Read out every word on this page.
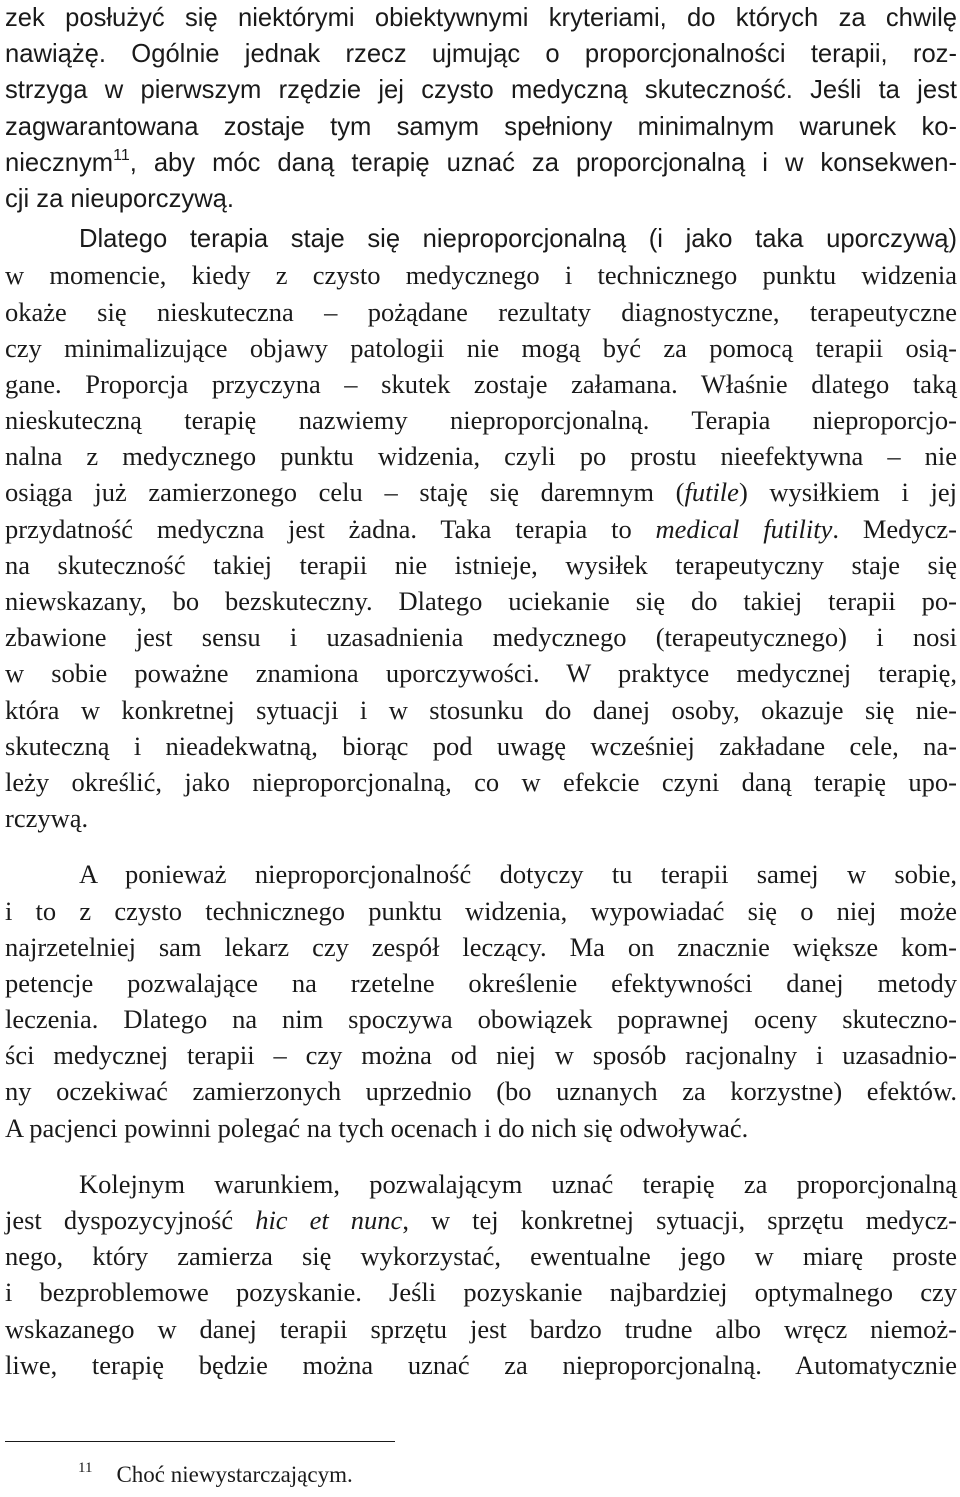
zek posłużyć się niektórymi obiektywnymi kryteriami, do których za chwilę
nawiążę. Ogólnie jednak rzecz ujmując o proporcjonalności terapii, roz-
strzyga w pierwszym rzędzie jej czysto medyczną skuteczność. Jeśli ta jest
zagwarantowana zostaje tym samym spełniony minimalnym warunek ko-
niecznym$^{11}$, aby móc daną terapię uznać za proporcjonalną i w konsekwen-
cji za nieuporczywą.
Dlatego terapia staje się nieproporcjonalną (i jako taka uporczywą)
w momencie, kiedy z czysto medycznego i technicznego punktu widzenia
okaże się nieskuteczna – pożądane rezultaty diagnostyczne, terapeutyczne
czy minimalizujące objawy patologii nie mogą być za pomocą terapii osią-
gane. Proporcja przyczyna – skutek zostaje załamana. Właśnie dlatego taką
nieskuteczną terapię nazwiemy nieproporcjonalną. Terapia nieproporcjo-
nalna z medycznego punktu widzenia, czyli po prostu nieefektywna – nie
osiąga już zamierzonego celu – staję się daremnym (futile) wysiłkiem i jej
przydatność medyczna jest żadna. Taka terapia to medical futility. Medycz-
na skuteczność takiej terapii nie istnieje, wysiłek terapeutyczny staje się
niewskazany, bo bezskuteczny. Dlatego uciekanie się do takiej terapii po-
zbawione jest sensu i uzasadnienia medycznego (terapeutycznego) i nosi
w sobie poważne znamiona uporczywości. W praktyce medycznej terapię,
która w konkretnej sytuacji i w stosunku do danej osoby, okazuje się nie-
skuteczną i nieadekwatną, biorąc pod uwagę wcześniej zakładane cele, na-
leży określić, jako nieproporcjonalną, co w efekcie czyni daną terapię upo-
rczywą.
A ponieważ nieproporcjonalność dotyczy tu terapii samej w sobie,
i to z czysto technicznego punktu widzenia, wypowiadać się o niej może
najrzetelniej sam lekarz czy zespół leczący. Ma on znacznie większe kom-
petencje pozwalające na rzetelne określenie efektywności danej metody
leczenia. Dlatego na nim spoczywa obowiązek poprawnej oceny skuteczno-
ści medycznej terapii – czy można od niej w sposób racjonalny i uzasadnio-
ny oczekiwać zamierzonych uprzednio (bo uznanych za korzystne) efektów.
A pacjenci powinni polegać na tych ocenach i do nich się odwoływać.
Kolejnym warunkiem, pozwalającym uznać terapię za proporcjonalną
jest dyspozycyjność hic et nunc, w tej konkretnej sytuacji, sprzętu medycz-
nego, który zamierza się wykorzystać, ewentualne jego w miarę proste
i bezproblemowe pozyskanie. Jeśli pozyskanie najbardziej optymalnego czy
wskazanego w danej terapii sprzętu jest bardzo trudne albo wręcz niemoż-
liwe, terapię będzie można uznać za nieproporcjonalną. Automatycznie
$^{11}$ Choć niewystarczającym.
